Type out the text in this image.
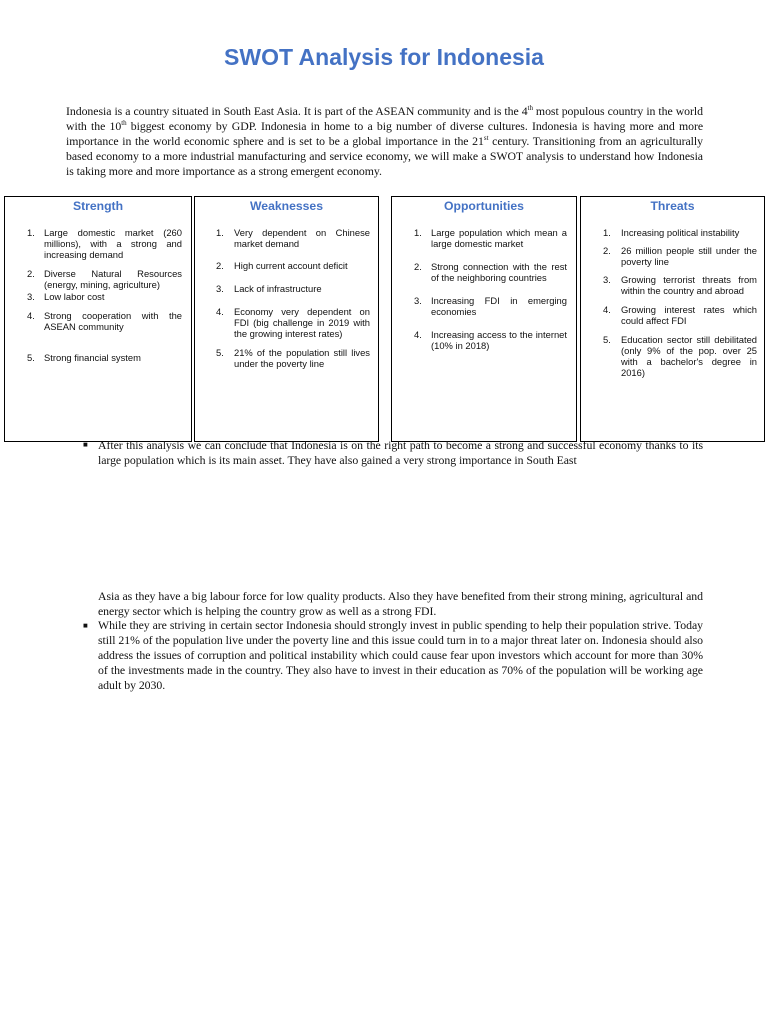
SWOT Analysis for Indonesia

Indonesia is a country situated in South East Asia. It is part of the ASEAN community and is the 4th most populous country in the world with the 10th biggest economy by GDP. Indonesia in home to a big number of diverse cultures. Indonesia is having more and more importance in the world economic sphere and is set to be a global importance in the 21st century. Transitioning from an agriculturally based economy to a more industrial manufacturing and service economy, we will make a SWOT analysis to understand how Indonesia is taking more and more importance as a strong emergent economy.

Strength
1. Large domestic market (260 millions), with a strong and increasing demand
2. Diverse Natural Resources (energy, mining, agriculture)
3. Low labor cost
4. Strong cooperation with the ASEAN community
5. Strong financial system
Weaknesses
1. Very dependent on Chinese market demand
2. High current account deficit
3. Lack of infrastructure
4. Economy very dependent on FDI (big challenge in 2019 with the growing interest rates)
5. 21% of the population still lives under the poverty line
Opportunities
1. Large population which mean a large domestic market
2. Strong connection with the rest of the neighboring countries
3. Increasing FDI in emerging economies
4. Increasing access to the internet (10% in 2018)
Threats
1. Increasing political instability
2. 26 million people still under the poverty line
3. Growing terrorist threats from within the country and abroad
4. Growing interest rates which could affect FDI
5. Education sector still debilitated (only 9% of the pop. over 25 with a bachelor's degree in 2016)
■ After this analysis we can conclude that Indonesia is on the right path to become a strong and successful economy thanks to its large population which is its main asset. They have also gained a very strong importance in South East

Asia as they have a big labour force for low quality products. Also they have benefited from their strong mining, agricultural and energy sector which is helping the country grow as well as a strong FDI.

■ While they are striving in certain sector Indonesia should strongly invest in public spending to help their population strive. Today still 21% of the population live under the poverty line and this issue could turn in to a major threat later on. Indonesia should also address the issues of corruption and political instability which could cause fear upon investors which account for more than 30% of the investments made in the country. They also have to invest in their education as 70% of the population will be working age adult by 2030.
